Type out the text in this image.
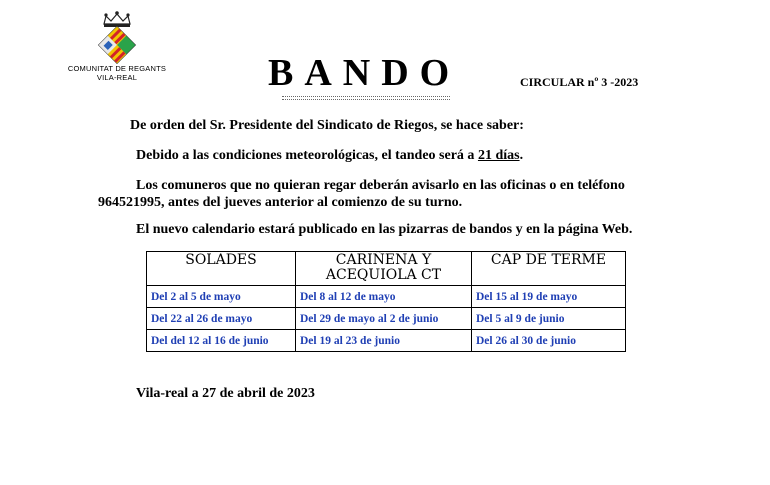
COMUNITAT DE REGANTS
VILA-REAL	BANDO	CIRCULAR nº 3 -2023
De orden del Sr. Presidente del Sindicato de Riegos, se hace saber:
Debido a las condiciones meteorológicas, el tandeo será a 21 días.
Los comuneros que no quieran regar deberán avisarlo en las oficinas o en teléfono
964521995, antes del jueves anterior al comienzo de su turno.
El nuevo calendario estará publicado en las pizarras de bandos y en la página Web.
SOLADES	CARIÑENA Y ACEQUIOLA CT	CAP DE TERME
Del 2 al 5 de mayo	Del 8 al 12 de mayo	Del 15 al 19 de mayo
Del 22 al 26 de mayo	Del 29 de mayo al 2 de junio	Del 5 al 9 de junio
Del del 12 al 16 de junio	Del 19 al 23 de junio	Del 26 al 30 de junio
Vila-real a 27 de abril de 2023
